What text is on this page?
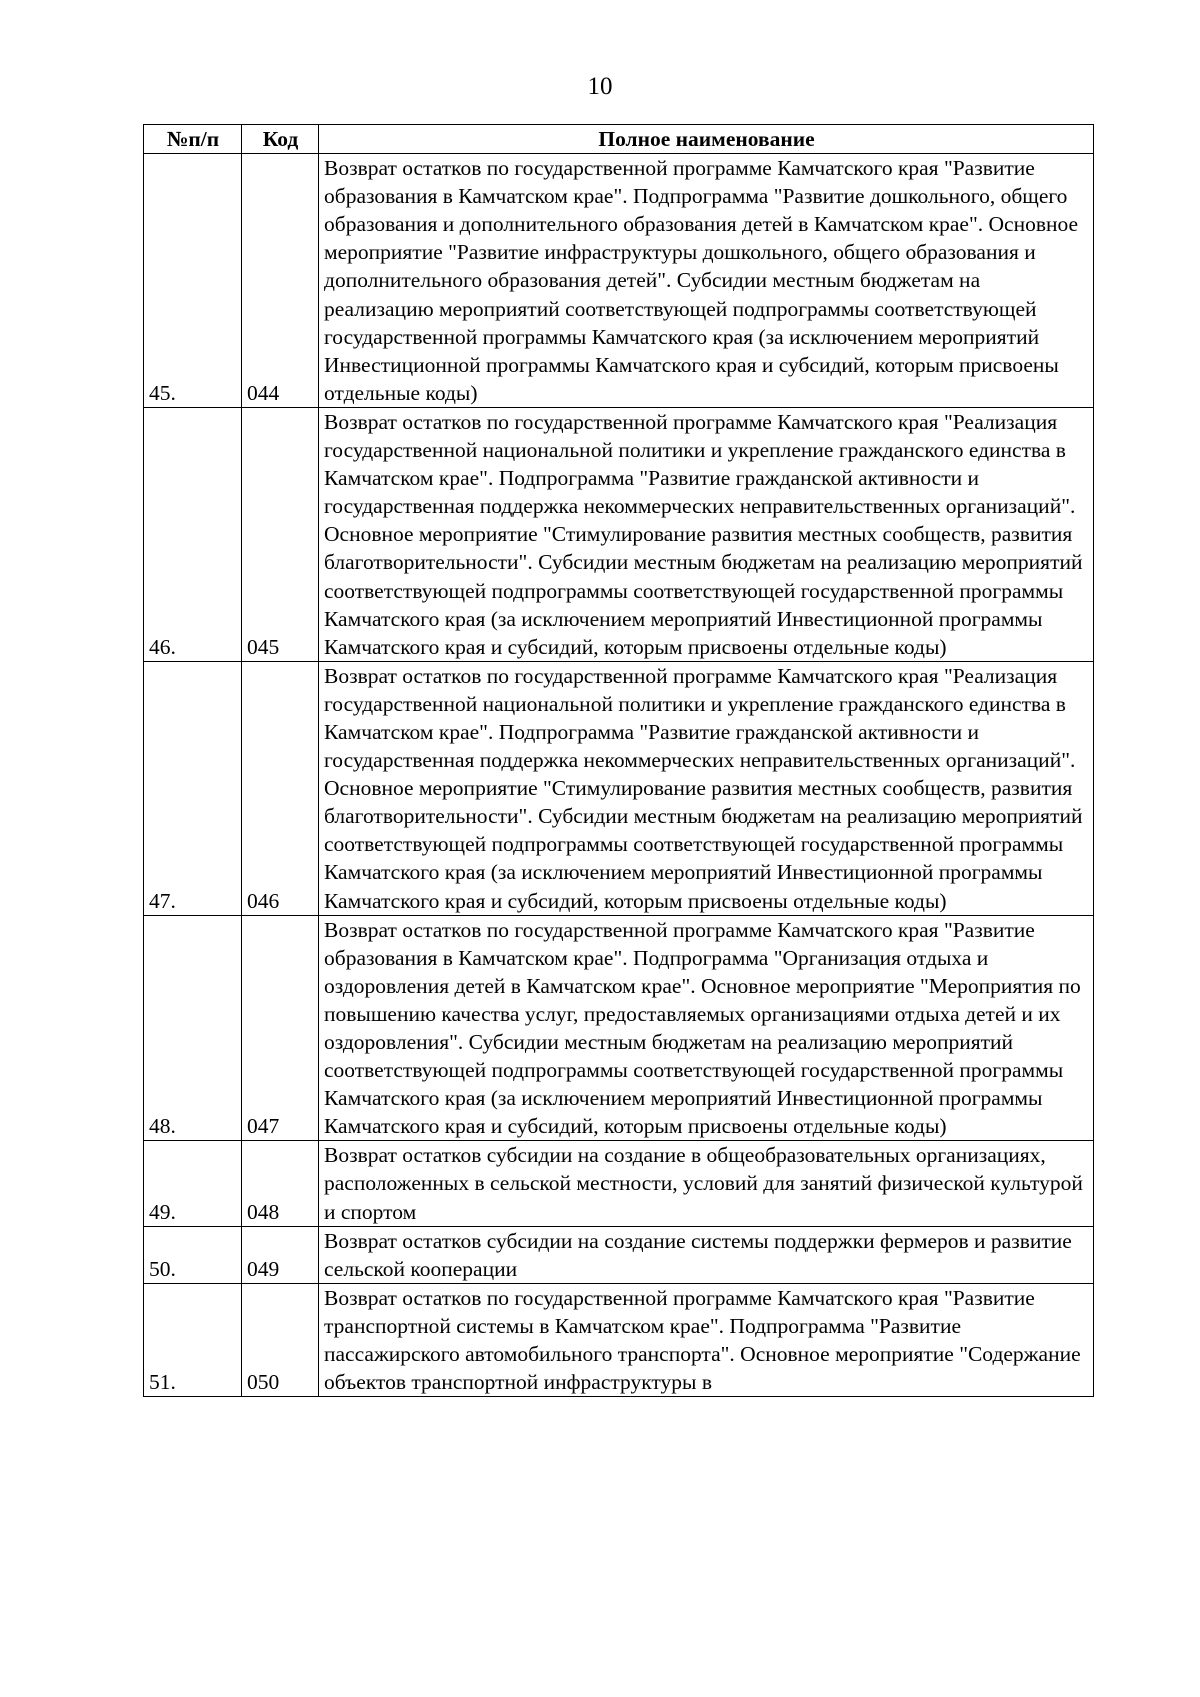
10
№п/п	Код	Полное наименование
45.	044	Возврат остатков по государственной программе Камчатского края "Развитие образования в Камчатском крае". Подпрограмма "Развитие дошкольного, общего образования и дополнительного образования детей в Камчатском крае". Основное мероприятие "Развитие инфраструктуры дошкольного, общего образования и дополнительного образования детей". Субсидии местным бюджетам на реализацию мероприятий соответствующей подпрограммы соответствующей государственной программы Камчатского края (за исключением мероприятий Инвестиционной программы Камчатского края и субсидий, которым присвоены отдельные коды)
46.	045	Возврат остатков по государственной программе Камчатского края "Реализация государственной национальной политики и укрепление гражданского единства в Камчатском крае". Подпрограмма "Развитие гражданской активности и государственная поддержка некоммерческих неправительственных организаций". Основное мероприятие "Стимулирование развития местных сообществ, развития благотворительности". Субсидии местным бюджетам на реализацию мероприятий соответствующей подпрограммы соответствующей государственной программы Камчатского края (за исключением мероприятий Инвестиционной программы Камчатского края и субсидий, которым присвоены отдельные коды)
47.	046	Возврат остатков по государственной программе Камчатского края "Реализация государственной национальной политики и укрепление гражданского единства в Камчатском крае". Подпрограмма "Развитие гражданской активности и государственная поддержка некоммерческих неправительственных организаций". Основное мероприятие "Стимулирование развития местных сообществ, развития благотворительности". Субсидии местным бюджетам на реализацию мероприятий соответствующей подпрограммы соответствующей государственной программы Камчатского края (за исключением мероприятий Инвестиционной программы Камчатского края и субсидий, которым присвоены отдельные коды)
48.	047	Возврат остатков по государственной программе Камчатского края "Развитие образования в Камчатском крае". Подпрограмма "Организация отдыха и оздоровления детей в Камчатском крае". Основное мероприятие "Мероприятия по повышению качества услуг, предоставляемых организациями отдыха детей и их оздоровления". Субсидии местным бюджетам на реализацию мероприятий соответствующей подпрограммы соответствующей государственной программы Камчатского края (за исключением мероприятий Инвестиционной программы Камчатского края и субсидий, которым присвоены отдельные коды)
49.	048	Возврат остатков субсидии на создание в общеобразовательных организациях, расположенных в сельской местности, условий для занятий физической культурой и спортом
50.	049	Возврат остатков субсидии на создание системы поддержки фермеров и развитие сельской кооперации
51.	050	Возврат остатков по государственной программе Камчатского края "Развитие транспортной системы в Камчатском крае". Подпрограмма "Развитие пассажирского автомобильного транспорта". Основное мероприятие "Содержание объектов транспортной инфраструктуры в
